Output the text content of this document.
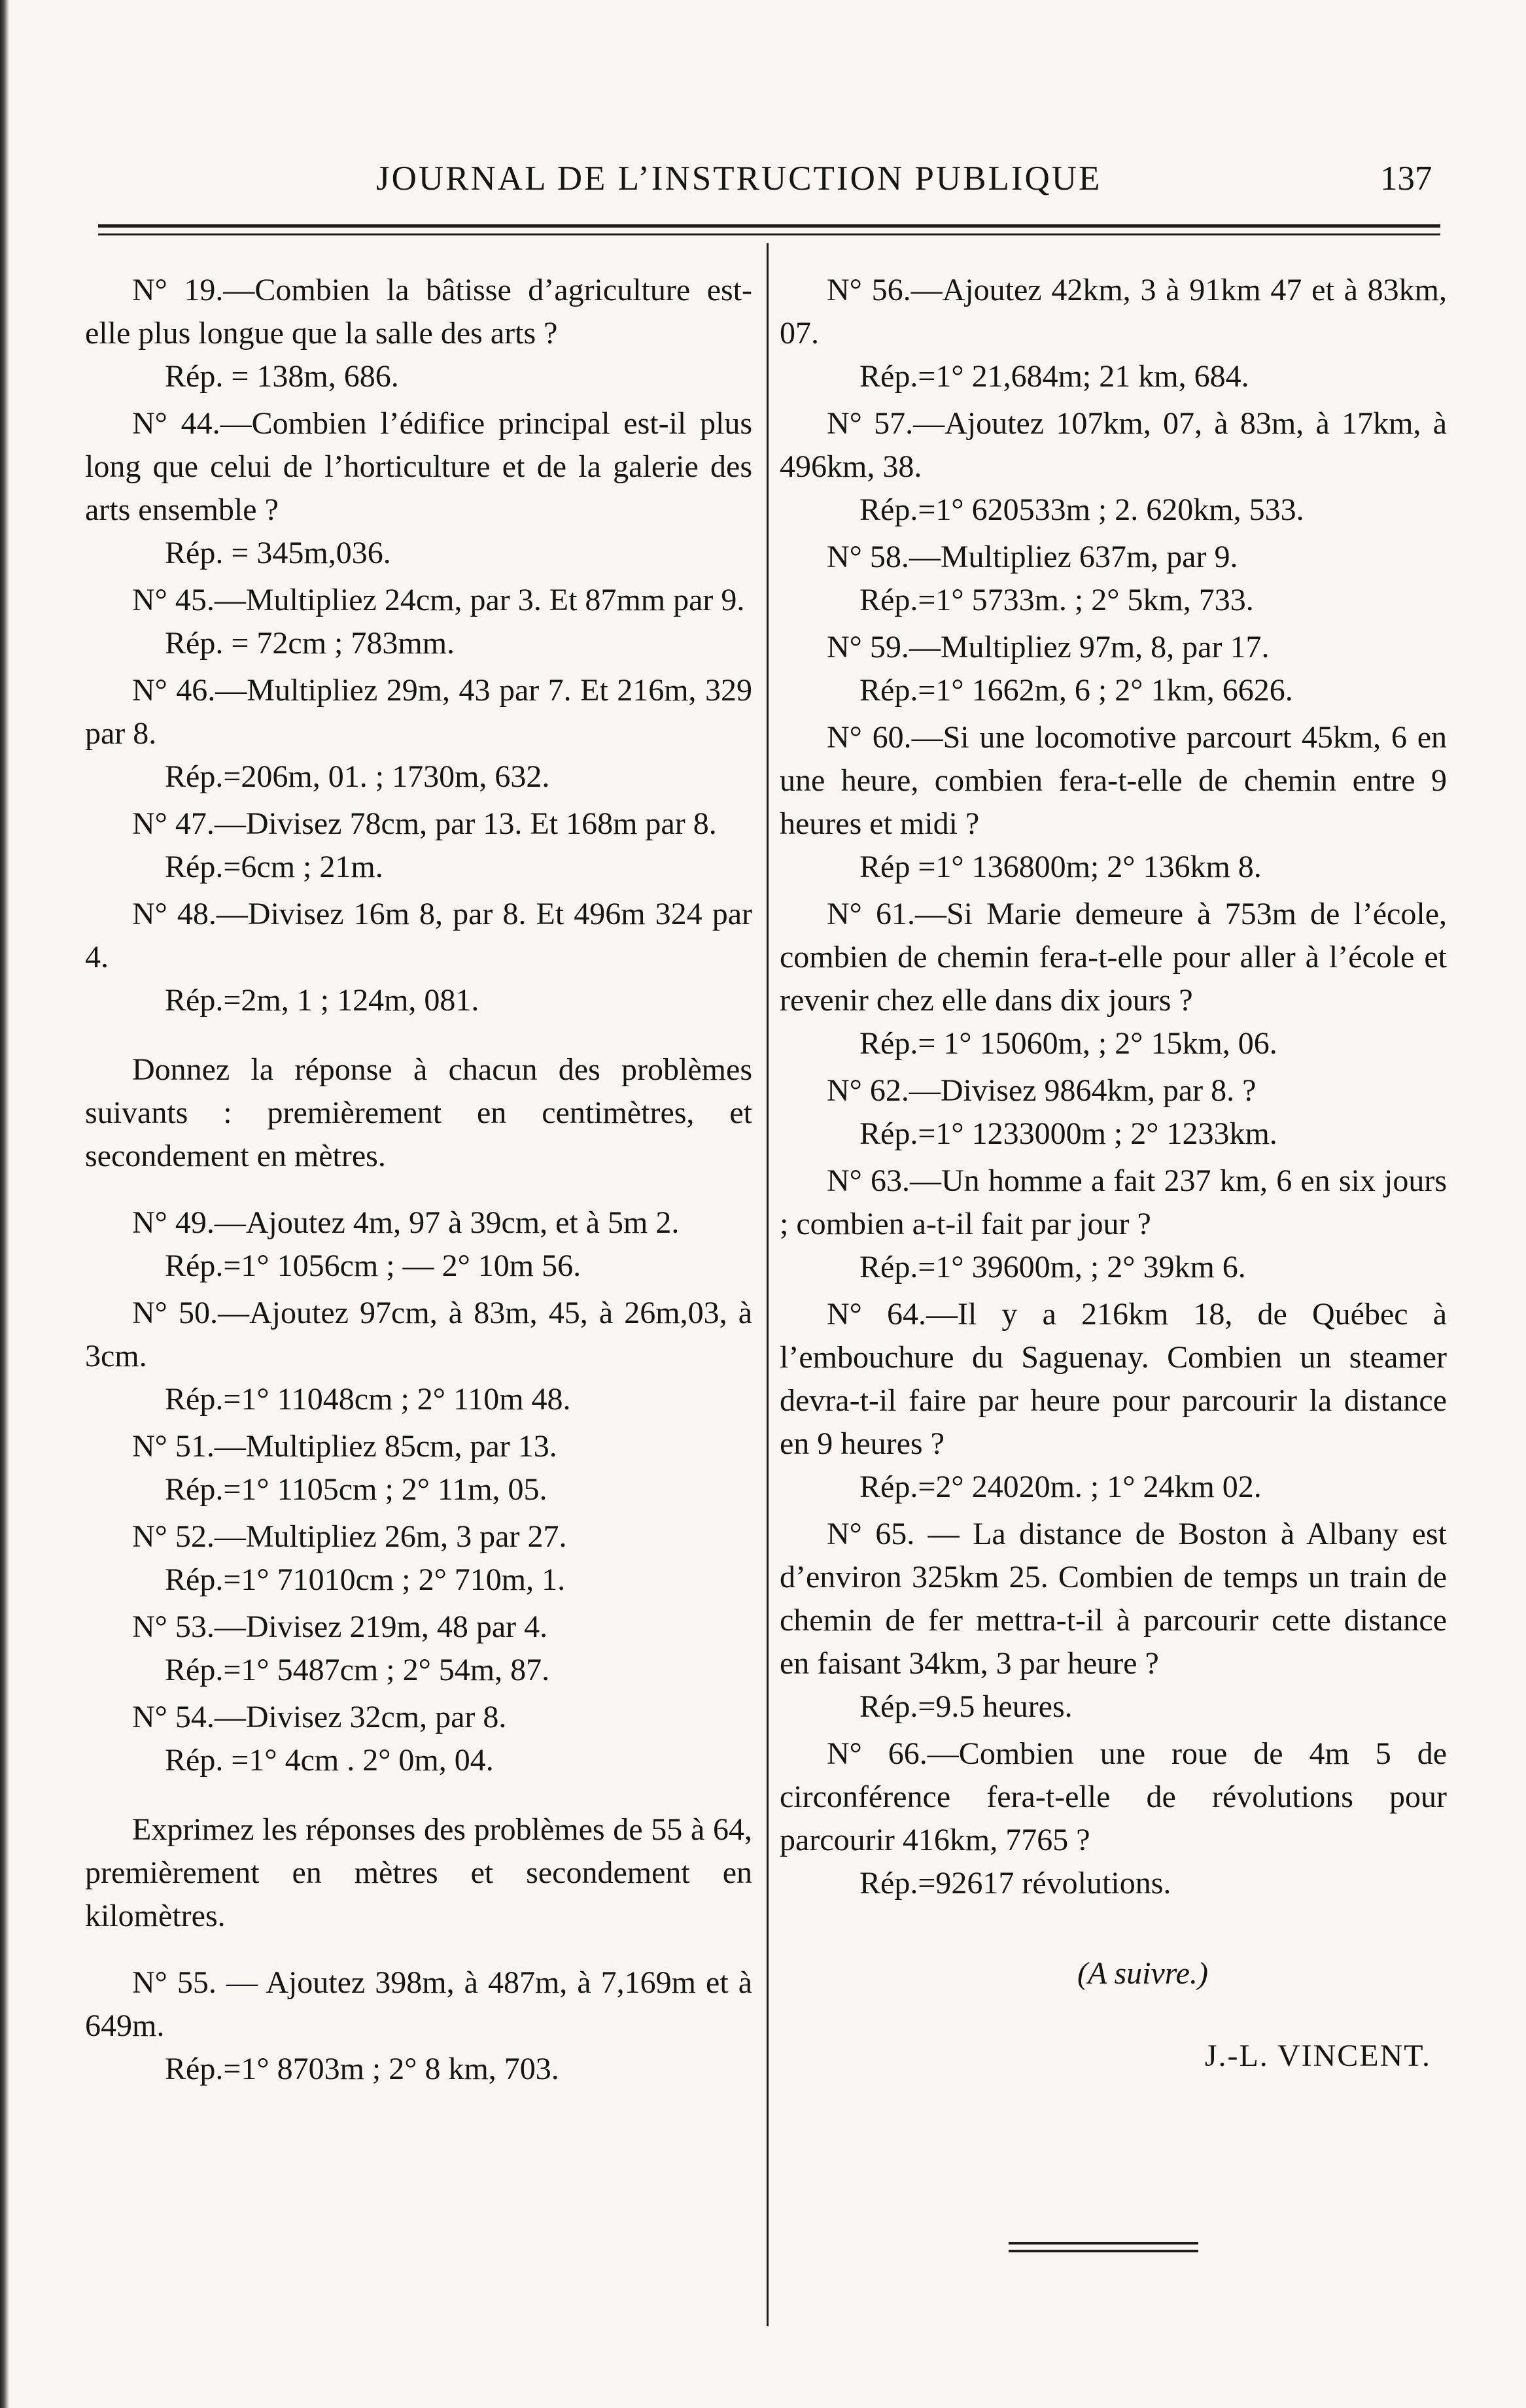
JOURNAL DE L’INSTRUCTION PUBLIQUE	137

N° 19.—Combien la bâtisse d’agriculture est-elle plus longue que la salle des arts ?

Rép. = 138m, 686.

N° 44.—Combien l’édifice principal est-il plus long que celui de l’horticulture et de la galerie des arts ensemble ?

Rép. = 345m,036.

N° 45.—Multipliez 24cm, par 3. Et 87mm par 9.

Rép. = 72cm ; 783mm.

N° 46.—Multipliez 29m, 43 par 7. Et 216m, 329 par 8.

Rép.=206m, 01. ; 1730m, 632.

N° 47.—Divisez 78cm, par 13. Et 168m par 8.

Rép.=6cm ; 21m.

N° 48.—Divisez 16m 8, par 8. Et 496m 324 par 4.

Rép.=2m, 1 ; 124m, 081.

Donnez la réponse à chacun des problèmes suivants : premièrement en centimètres, et secondement en mètres.

N° 49.—Ajoutez 4m, 97 à 39cm, et à 5m 2.

Rép.=1° 1056cm ; — 2° 10m 56.

N° 50.—Ajoutez 97cm, à 83m, 45, à 26m,03, à 3cm.

Rép.=1° 11048cm ; 2° 110m 48.

N° 51.—Multipliez 85cm, par 13.

Rép.=1° 1105cm ; 2° 11m, 05.

N° 52.—Multipliez 26m, 3 par 27.

Rép.=1° 71010cm ; 2° 710m, 1.

N° 53.—Divisez 219m, 48 par 4.

Rép.=1° 5487cm ; 2° 54m, 87.

N° 54.—Divisez 32cm, par 8.

Rép. =1° 4cm . 2° 0m, 04.

Exprimez les réponses des problèmes de 55 à 64, premièrement en mètres et secondement en kilomètres.

N° 55. — Ajoutez 398m, à 487m, à 7,169m et à 649m.

Rép.=1° 8703m ; 2° 8 km, 703.

N° 56.—Ajoutez 42km, 3 à 91km 47 et à 83km, 07.

Rép.=1° 21,684m; 21 km, 684.

N° 57.—Ajoutez 107km, 07, à 83m, à 17km, à 496km, 38.

Rép.=1° 620533m ; 2. 620km, 533.

N° 58.—Multipliez 637m, par 9.

Rép.=1° 5733m. ; 2° 5km, 733.

N° 59.—Multipliez 97m, 8, par 17.

Rép.=1° 1662m, 6 ; 2° 1km, 6626.

N° 60.—Si une locomotive parcourt 45km, 6 en une heure, combien fera-t-elle de chemin entre 9 heures et midi ?

Rép =1° 136800m; 2° 136km 8.

N° 61.—Si Marie demeure à 753m de l’école, combien de chemin fera-t-elle pour aller à l’école et revenir chez elle dans dix jours ?

Rép.= 1° 15060m, ; 2° 15km, 06.

N° 62.—Divisez 9864km, par 8. ?

Rép.=1° 1233000m ; 2° 1233km.

N° 63.—Un homme a fait 237 km, 6 en six jours ; combien a-t-il fait par jour ?

Rép.=1° 39600m, ; 2° 39km 6.

N° 64.—Il y a 216km 18, de Québec à l’embouchure du Saguenay. Combien un steamer devra-t-il faire par heure pour parcourir la distance en 9 heures ?

Rép.=2° 24020m. ; 1° 24km 02.

N° 65. — La distance de Boston à Albany est d’environ 325km 25. Combien de temps un train de chemin de fer mettra-t-il à parcourir cette distance en faisant 34km, 3 par heure ?

Rép.=9.5 heures.

N° 66.—Combien une roue de 4m 5 de circonférence fera-t-elle de révolutions pour parcourir 416km, 7765 ?

Rép.=92617 révolutions.

(A suivre.)

J.-L. VINCENT.
